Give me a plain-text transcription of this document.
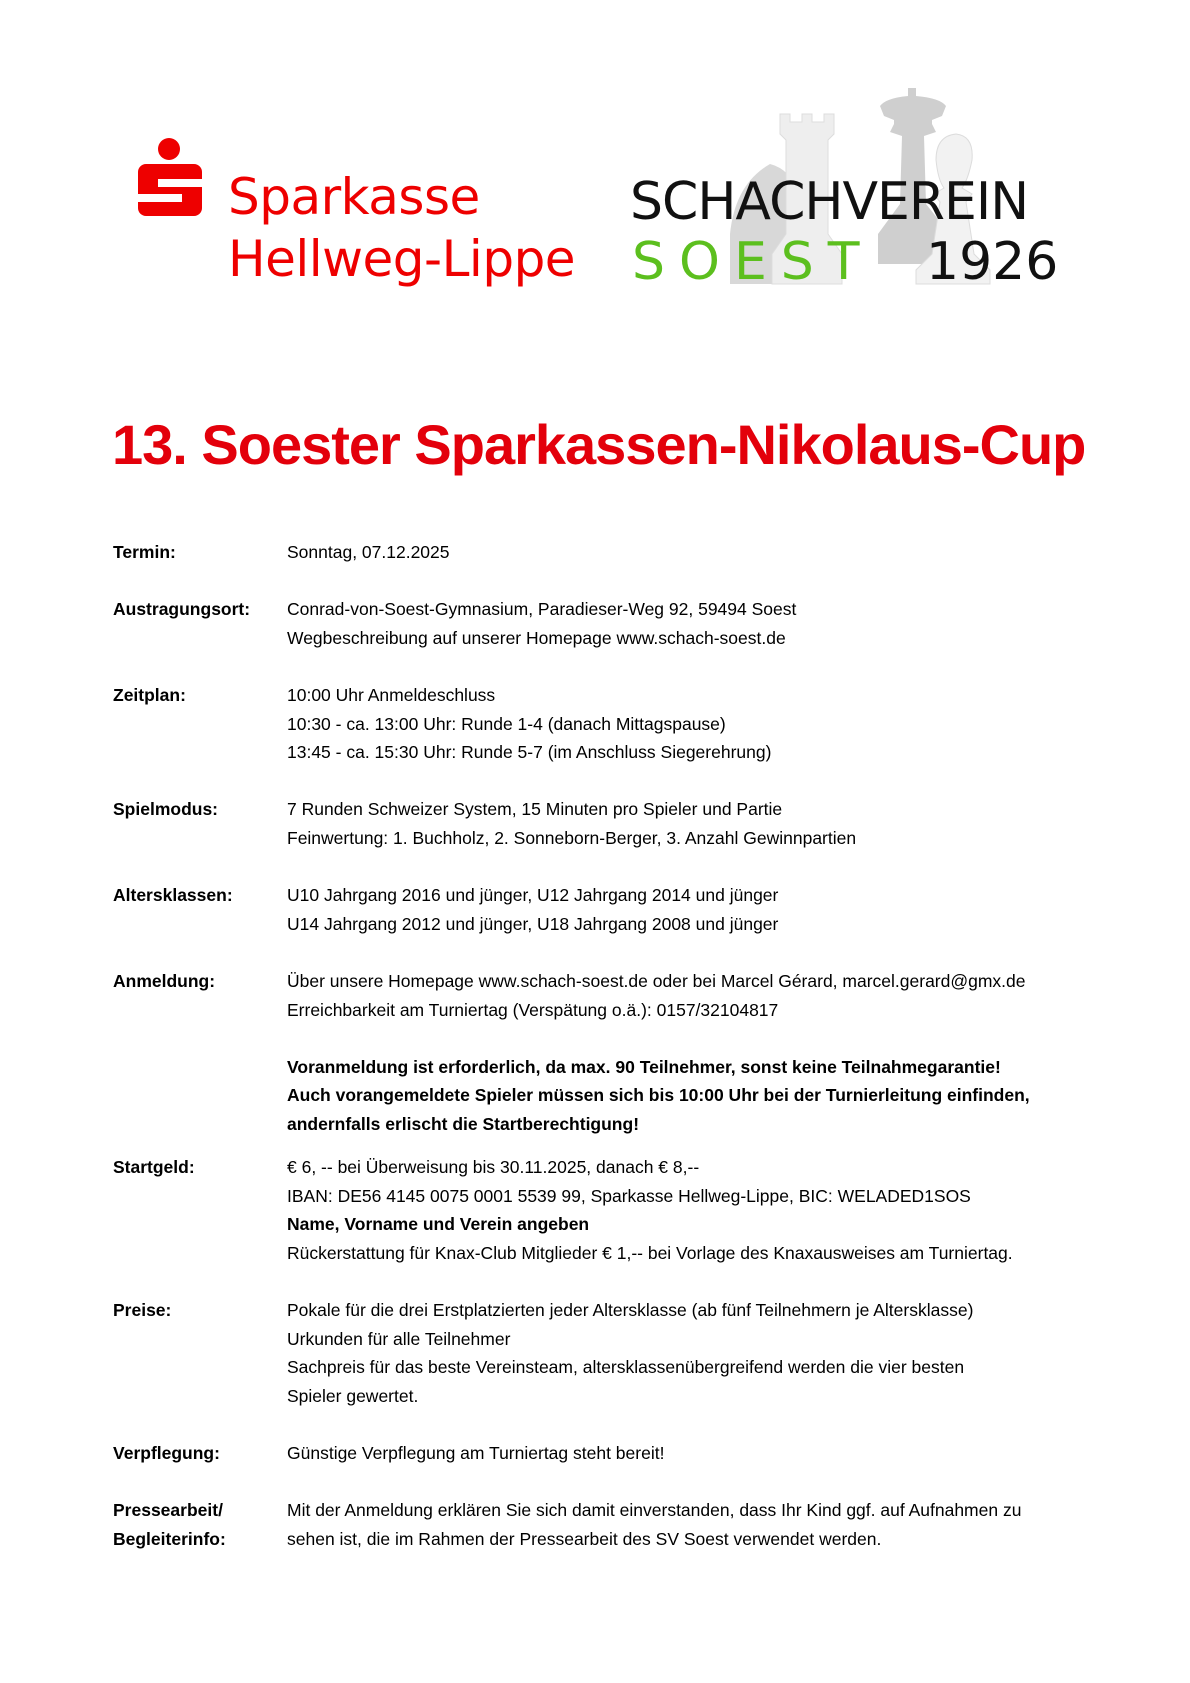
Sparkasse
Hellweg-Lippe
SCHACHVEREIN
SOEST 1926
13. Soester Sparkassen-Nikolaus-Cup
Termin:	Sonntag, 07.12.2025
Austragungsort: Conrad-von-Soest-Gymnasium, Paradieser-Weg 92, 59494 Soest
Wegbeschreibung auf unserer Homepage www.schach-soest.de
Zeitplan:	10:00 Uhr Anmeldeschluss
10:30 - ca. 13:00 Uhr: Runde 1-4 (danach Mittagspause)
13:45 - ca. 15:30 Uhr: Runde 5-7 (im Anschluss Siegerehrung)
Spielmodus:	7 Runden Schweizer System, 15 Minuten pro Spieler und Partie
Feinwertung: 1. Buchholz, 2. Sonneborn-Berger, 3. Anzahl Gewinnpartien
Altersklassen:	U10 Jahrgang 2016 und jünger, U12 Jahrgang 2014 und jünger
U14 Jahrgang 2012 und jünger, U18 Jahrgang 2008 und jünger
Anmeldung:	Über unsere Homepage www.schach-soest.de oder bei Marcel Gérard, marcel.gerard@gmx.de
Erreichbarkeit am Turniertag (Verspätung o.ä.): 0157/32104817
Voranmeldung ist erforderlich, da max. 90 Teilnehmer, sonst keine Teilnahmegarantie!
Auch vorangemeldete Spieler müssen sich bis 10:00 Uhr bei der Turnierleitung einfinden,
andernfalls erlischt die Startberechtigung!
Startgeld:	€ 6, -- bei Überweisung bis 30.11.2025, danach € 8,--
IBAN: DE56 4145 0075 0001 5539 99, Sparkasse Hellweg-Lippe, BIC: WELADED1SOS
Name, Vorname und Verein angeben
Rückerstattung für Knax-Club Mitglieder € 1,-- bei Vorlage des Knaxausweises am Turniertag.
Preise:	Pokale für die drei Erstplatzierten jeder Altersklasse (ab fünf Teilnehmern je Altersklasse)
Urkunden für alle Teilnehmer
Sachpreis für das beste Vereinsteam, altersklassenübergreifend werden die vier besten
Spieler gewertet.
Verpflegung:	Günstige Verpflegung am Turniertag steht bereit!
Pressearbeit/
Begleiterinfo:
Mit der Anmeldung erklären Sie sich damit einverstanden, dass Ihr Kind ggf. auf Aufnahmen zu
sehen ist, die im Rahmen der Pressearbeit des SV Soest verwendet werden.
